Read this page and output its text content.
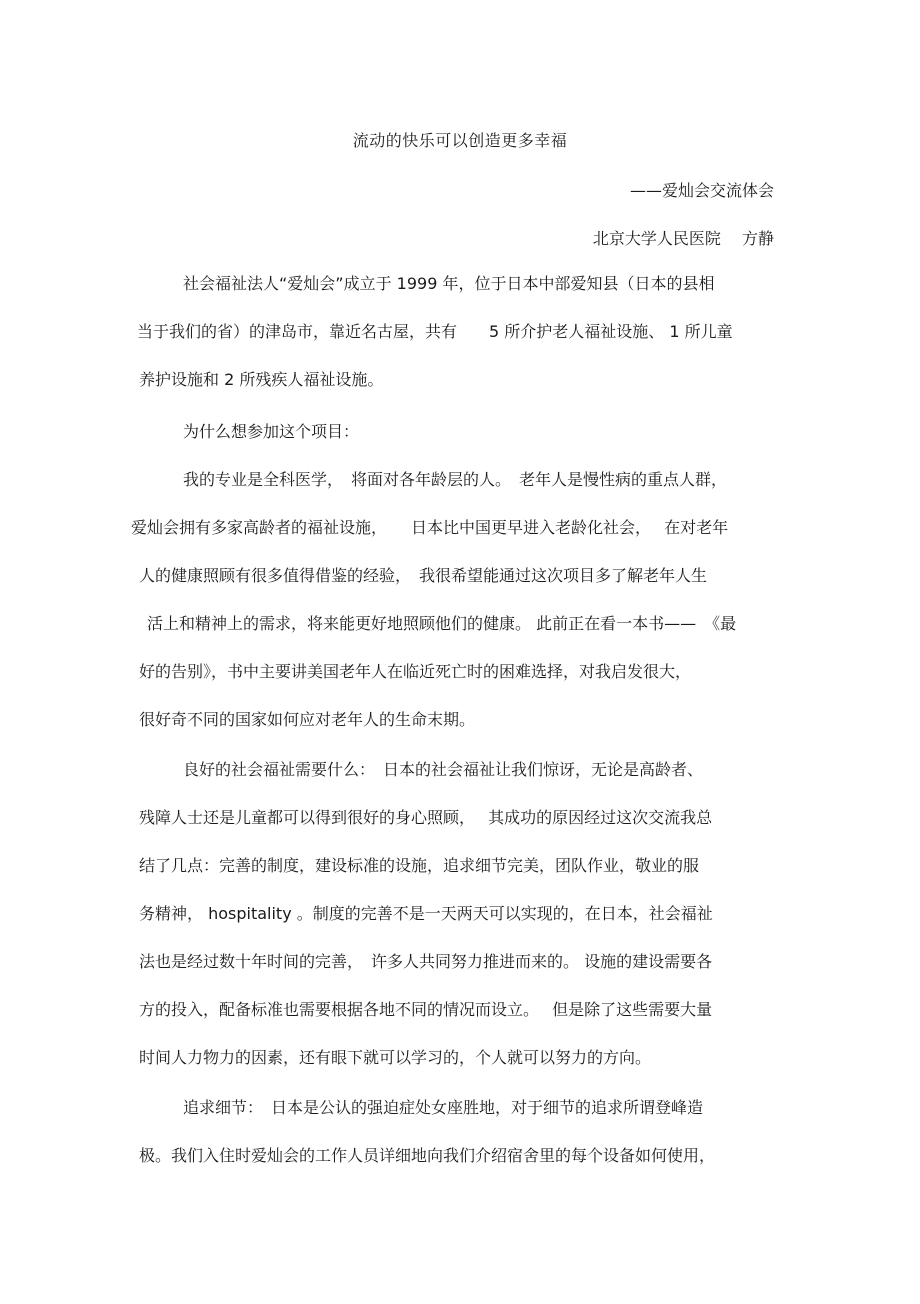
流动的快乐可以创造更多幸福
——爱灿会交流体会
北京大学人民医院　 方静
社会福祉法人“爱灿会”成立于 1999 年，位于日本中部爱知县（日本的县相
当于我们的省）的津岛市，靠近名古屋，共有　　5 所介护老人福祉设施、 1 所儿童
养护设施和 2 所残疾人福祉设施。
为什么想参加这个项目：
我的专业是全科医学，　将面对各年龄层的人。　老年人是慢性病的重点人群，
爱灿会拥有多家高龄者的福祉设施，　　日本比中国更早进入老龄化社会，　 在对老年
人的健康照顾有很多值得借鉴的经验，　我很希望能通过这次项目多了解老年人生
活上和精神上的需求，将来能更好地照顾他们的健康。 此前正在看一本书——　《最
好的告别》，书中主要讲美国老年人在临近死亡时的困难选择，对我启发很大，
很好奇不同的国家如何应对老年人的生命末期。
良好的社会福祉需要什么：　日本的社会福祉让我们惊讶，无论是高龄者、
残障人士还是儿童都可以得到很好的身心照顾，　 其成功的原因经过这次交流我总
结了几点：完善的制度，建设标准的设施，追求细节完美，团队作业，敬业的服
务精神， hospitality 。制度的完善不是一天两天可以实现的，在日本，社会福祉
法也是经过数十年时间的完善，　许多人共同努力推进而来的。 设施的建设需要各
方的投入，配备标准也需要根据各地不同的情况而设立。　 但是除了这些需要大量
时间人力物力的因素，还有眼下就可以学习的，个人就可以努力的方向。
追求细节：　日本是公认的强迫症处女座胜地，对于细节的追求所谓登峰造
极。我们入住时爱灿会的工作人员详细地向我们介绍宿舍里的每个设备如何使用，
